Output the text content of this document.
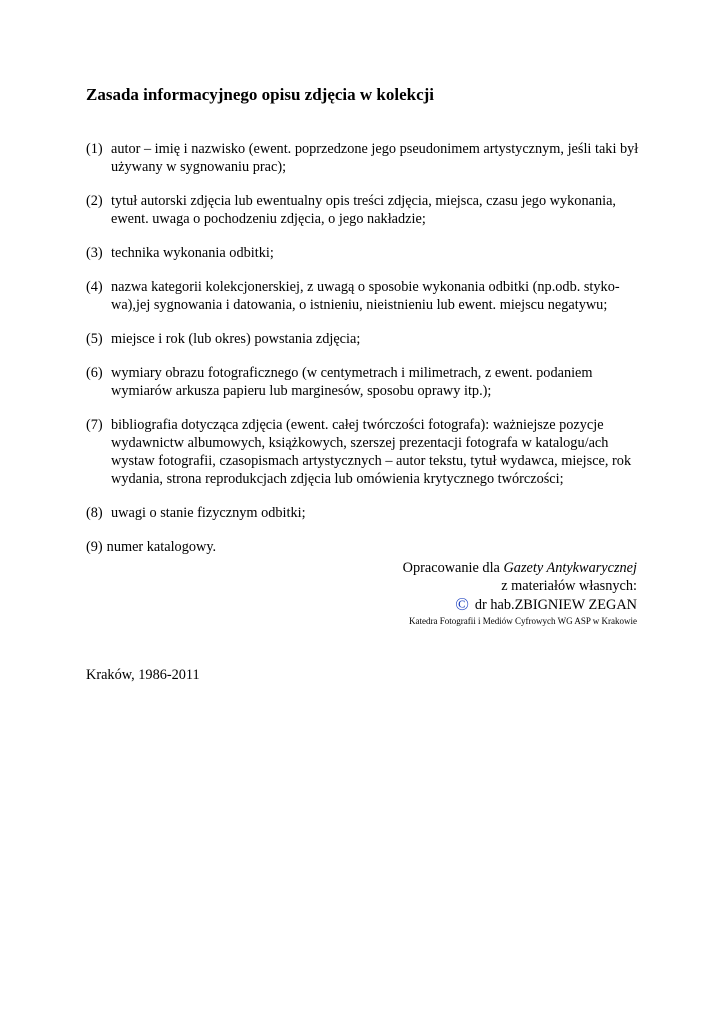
Zasada informacyjnego opisu zdjęcia w kolekcji
(1) autor – imię i nazwisko (ewent. poprzedzone jego pseudonimem artystycznym, jeśli taki był używany w sygnowaniu prac);
(2) tytuł autorski zdjęcia lub ewentualny opis treści zdjęcia, miejsca, czasu jego wykonania, ewent. uwaga o pochodzeniu zdjęcia, o jego nakładzie;
(3) technika wykonania odbitki;
(4) nazwa kategorii kolekcjonerskiej, z uwagą o sposobie wykonania odbitki (np.odb. styko-wa),jej sygnowania i datowania, o istnieniu, nieistnieniu lub ewent. miejscu negatywu;
(5) miejsce i rok (lub okres) powstania zdjęcia;
(6) wymiary obrazu fotograficznego (w centymetrach i milimetrach, z ewent. podaniem wymiarów arkusza papieru lub marginesów, sposobu oprawy itp.);
(7) bibliografia dotycząca zdjęcia (ewent. całej twórczości fotografa): ważniejsze pozycje wydawnictw albumowych, książkowych, szerszej prezentacji fotografa w katalogu/ach wystaw fotografii, czasopismach artystycznych – autor tekstu, tytuł wydawca, miejsce, rok wydania, strona reprodukcjach zdjęcia lub omówienia krytycznego twórczości;
(8) uwagi o stanie fizycznym odbitki;
(9) numer katalogowy.
Opracowanie dla Gazety Antykwarycznej
z materiałów własnych:
© dr hab.ZBIGNIEW ZEGAN
Katedra Fotografii i Mediów Cyfrowych WG ASP w Krakowie
Kraków, 1986-2011
